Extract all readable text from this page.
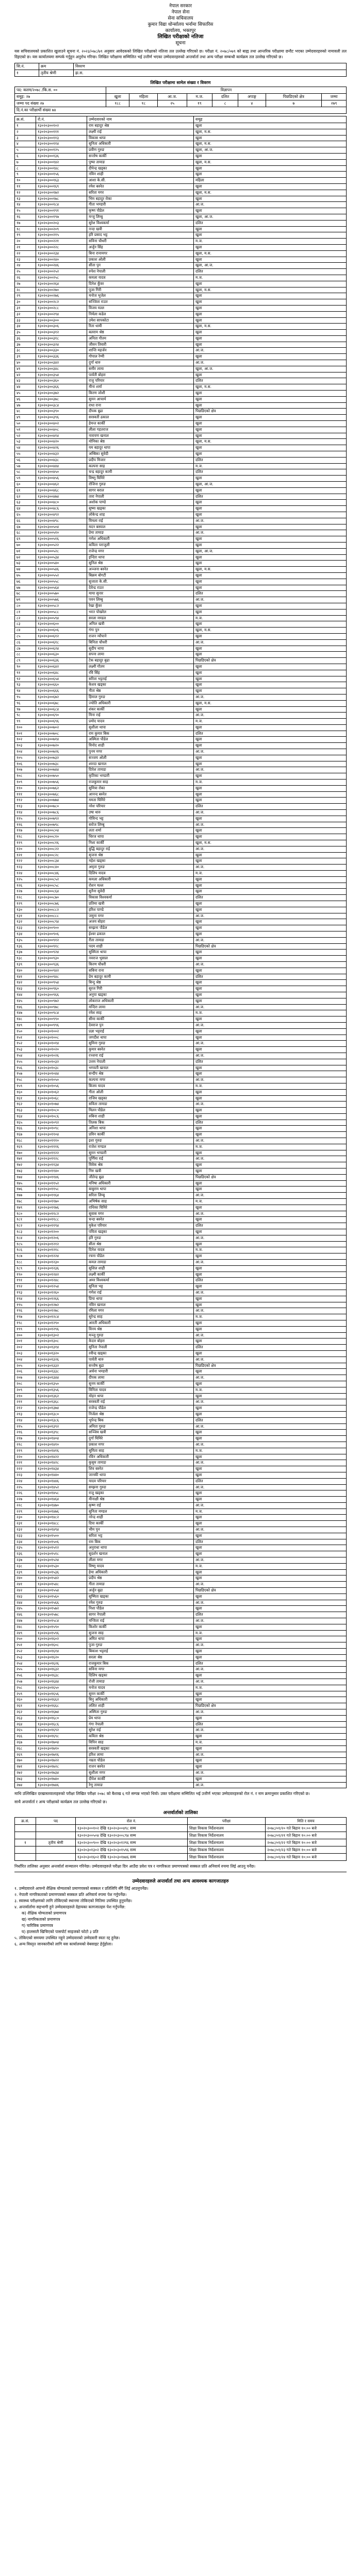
नेपाल सरकार
नेपाल सेना
सेना सचिवालय
कुमार विद्या धोर्न्सालय भर्नामा सिफारिस
कार्यालय, भक्तपुर
लिखित परीक्षाको नतिजा
सूचना
यस सचिवालयको प्रकाशित खुलाउने सूचना नं. २०२३/०७८/७९ अनुसार आवेदकको लिखित परीक्षाको नतिजा तल उल्लेख गरिएको छ। परीक्षा नं. २०७८/०७९ को बाह्य तथा आन्तरिक परीक्षामा छनौट भएका उम्मेदवारहरुको नामावली तल दिइएको छ। यस कार्यालयमा सम्पर्क गर्नुहुन अनुरोध गरिन्छ। लिखित परीक्षामा सम्मिलित भई उत्तीर्ण भएका उम्मेदवारहरुको अन्तर्वार्ता तथा अन्य परीक्षा सम्बन्धी कार्यक्रम तल उल्लेख गरिएको छ।
सि.नं.	क्रम	विवरण
१	तृतीय श्रेणी	ह्रा.स.
लिखित परीक्षामा सामेल संख्या र विवरण
पद: कलम/२०७८ /कि.स. ००	विज्ञापन							
समूह: २७	खुला	महिला	आ.ज.	म.ज.	दलित	अपाङ्ग	पिछडिएको क्षेत्र	जम्मा
जम्मा पद संख्या २७	१८८	१८	२५	१९	८	४	७	२७९
दि.नं.का परीक्षार्थी संख्या ७४								
क्र.सं.	रो.नं.	उम्मेदवारको नाम	समूह
१	१३०२०३००१०२	राम बहादुर श्रेष्ठ	खुला
२	१३०२०३००१११	लक्ष्मी राई	खुला, म.स.
३	१३०२०३००११३	विकास थापा	खुला
४	१३०२०३००११४	सुनिता अधिकारी	खुला, म.स.
५	१३०२०३००१२५	प्रवीण गुरुङ	खुला, आ.ज.
६	१३०२०३००१३६	सन्तोष कार्की	खुला
७	१३०२०३००१४२	पुष्पा तामाङ	खुला, म.स.
८	१३०२०३००१४८	दीपेन्द्र खड्का	खुला
९	१३०२०३००१५६	नविन शाही	खुला
१०	१३०२०३००१६३	आशा के.सी.	महिला
११	१३०२०३००१६९	रमेश बस्नेत	खुला
१२	१३०२०३००१७२	सरिता मगर	खुला, म.स.
१३	१३०२०३००१७८	भिम बहादुर रोका	खुला
१४	१३०२०३००१८४	गीता भण्डारी	आ.ज.
१५	१३०२०३००१९१	कृष्ण पौडेल	खुला
१६	१३०२०३००१९७	मन्जु लिम्बु	खुला, आ.ज.
१७	१३०२०३००२०३	सुरेश विश्वकर्मा	दलित
१८	१३०२०३००२०९	नन्दा खत्री	खुला
१९	१३०२०३००२१५	हरि प्रसाद भट्ट	खुला
२०	१३०२०३००२२१	सविना चौधरी	म.ज.
२१	१३०२०३००२२८	अर्जुन सिंह	खुला
२२	१३०२०३००२३४	बिना रानामगर	खुला, म.स.
२३	१३०२०३००२४०	प्रकाश ओली	खुला
२४	१३०२०३००२४६	सीता पुन	खुला, आ.ज.
२५	१३०२०३००२५२	रुपेश नेपाली	दलित
२६	१३०२०३००२५८	कमला यादव	म.ज.
२७	१३०२०३००२६४	दिनेश कुँवर	खुला
२८	१३०२०३००२७०	पूजा गिरी	खुला, म.स.
२९	१३०२०३००२७६	मनोज भुजेल	खुला
३०	१३०२०३००२८२	सञ्जिता राउत	खुला
३१	१३०२०३००२८८	विजय मल्ल	खुला
३२	१३०२०३००२९४	निर्मला कडेल	खुला
३३	१३०२०३००३००	उमेश सापकोटा	खुला
३४	१३०२०३००३०६	रिता धामी	खुला, म.स.
३५	१३०२०३००३१२	बलराम श्रेष्ठ	खुला
३६	१३०२०३००३१८	अनिता गौतम	खुला
३७	१३०२०३००३२४	जीवन तिवारी	खुला
३८	१३०२०३००३३०	शान्ति महर्जन	आ.ज.
३९	१३०२०३००३३६	गोपाल रेग्मी	खुला
४०	१३०२०३००३४२	दुर्गा थारु	आ.ज.
४१	१३०२०३००३४८	समीर लामा	खुला, आ.ज.
४२	१३०२०३००३५४	पार्वती बोहरा	खुला
४३	१३०२०३००३६०	राजु परियार	दलित
४४	१३०२०३००३६६	मीना शर्मा	खुला, म.स.
४५	१३०२०३००३७२	किरण जोशी	खुला
४६	१३०२०३००३७८	सुमन आचार्य	खुला
४७	१३०२०३००३८४	राधा राना	खुला
४८	१३०२०३००३९०	दीपक बुढा	पिछडिएको क्षेत्र
४९	१३०२०३००३९६	सरस्वती ढकाल	खुला
५०	१३०२०३००४०२	हेमन्त कार्की	खुला
५१	१३०२०३००४०८	लीला गहतराज	खुला
५२	१३०२०३००४१४	नारायण खनाल	खुला
५३	१३०२०३००४२०	मोनिका श्रेष्ठ	खुला, म.स.
५४	१३०२०३००४२६	यम बहादुर थापा	खुला
५५	१३०२०३००४३२	अम्बिका सुवेदी	खुला
५६	१३०२०३००४३८	प्रदीप मिजार	दलित
५७	१३०२०३००४४४	कल्पना साह	म.ज.
५८	१३०२०३००४५०	चन्द्र बहादुर कामी	दलित
५९	१३०२०३००४५६	विष्णु घिमिरे	खुला
६०	१३०२०३००४६२	रोजिना गुरुङ	खुला, आ.ज.
६१	१३०२०३००४६८	सागर बराल	खुला
६२	१३०२०३००४७४	तारा नेपाली	दलित
६३	१३०२०३००४८०	अशोक पाण्डे	खुला
६४	१३०२०३००४८६	सुष्मा खड्का	खुला
६५	१३०२०३००४९२	लोकेन्द्र शाह	खुला
६६	१३०२०३००४९८	विमला राई	आ.ज.
६७	१३०२०३००५०४	मदन बस्याल	खुला
६८	१३०२०३००५१०	प्रेमा तामाङ	आ.ज.
६९	१३०२०३००५१६	गणेश अधिकारी	खुला
७०	१३०२०३००५२२	कविता पराजुली	खुला
७१	१३०२०३००५२८	राजेन्द्र मगर	खुला, आ.ज.
७२	१३०२०३००५३४	इन्दिरा थापा	खुला
७३	१३०२०३००५४०	सुनिल श्रेष्ठ	खुला
७४	१३०२०३००५४६	अञ्जना बस्नेत	खुला, म.स.
७५	१३०२०३००५५२	बिक्रम बोगटी	खुला
७६	१३०२०३००५५८	सुजाता के.सी.	खुला
७७	१३०२०३००५६४	देवेन्द्र राउत	खुला
७८	१३०२०३००५७०	माया सुनार	दलित
७९	१३०२०३००५७६	पवन लिम्बु	आ.ज.
८०	१३०२०३००५८२	रेखा कुँवर	खुला
८१	१३०२०३००५८८	भरत पोखरेल	खुला
८२	१३०२०३००५९४	सरला मण्डल	म.ज.
८३	१३०२०३००६००	अनिल खत्री	खुला
८४	१३०२०३००६०६	गंगा पुन	खुला, म.स.
८५	१३०२०३००६१२	राजन न्यौपाने	खुला
८६	१३०२०३००६१८	बिनिता चौधरी	आ.ज.
८७	१३०२०३००६२४	सुदीप थापा	खुला
८८	१३०२०३००६३०	सपना लामा	खुला
८९	१३०२०३००६३६	टेक बहादुर बुढा	पिछडिएको क्षेत्र
९०	१३०२०३००६४२	लक्ष्मी गौतम	खुला
९१	१३०२०३००६४८	रवि सिंह	खुला
९२	१३०२०३००६५४	सरिता भट्टराई	खुला
९३	१३०२०३००६६०	केशव खड्का	खुला
९४	१३०२०३००६६६	नीता श्रेष्ठ	खुला
९५	१३०२०३००६७२	हिमाल गुरुङ	आ.ज.
९६	१३०२०३००६७८	ज्योति अधिकारी	खुला, म.स.
९७	१३०२०३००६८४	शंकर कार्की	खुला
९८	१३०२०३००६९०	मिना राई	आ.ज.
९९	१३०२०३००६९६	प्रमोद यादव	म.ज.
१००	१३०२०३००७०२	सुशीला थापा	खुला
१०१	१३०२०३००७०८	राम कुमार बिक	दलित
१०२	१३०२०३००७१४	अस्मिता पौडेल	खुला
१०३	१३०२०३००७२०	विनोद शाही	खुला
१०४	१३०२०३००७२६	पुनम मगर	आ.ज.
१०५	१३०२०३००७३२	सञ्जय ओली	खुला
१०६	१३०२०३००७३८	शारदा खनाल	खुला
१०७	१३०२०३००७४४	दिपेश तामाङ	आ.ज.
१०८	१३०२०३००७५०	कृतिका भण्डारी	खुला
१०९	१३०२०३००७५६	राजकुमार साह	म.ज.
११०	१३०२०३००७६२	सुमित्रा रोका	खुला
१११	१३०२०३००७६८	आनन्द बस्नेत	खुला
११२	१३०२०३००७७४	ममता घिमिरे	खुला
११३	१३०२०३००७८०	नरेश परियार	दलित
११४	१३०२०३००७८६	उषा थारु	आ.ज.
११५	१३०२०३००७९२	गोविन्द भट्ट	खुला
११६	१३०२०३००७९८	सरोज लिम्बु	आ.ज.
११७	१३०२०३००८०४	लता शर्मा	खुला
११८	१३०२०३००८१०	धिरज थापा	खुला
११९	१३०२०३००८१६	निशा कार्की	खुला, म.स.
१२०	१३०२०३००८२२	बुद्धि बहादुर राई	आ.ज.
१२१	१३०२०३००८२८	सृजना श्रेष्ठ	खुला
१२२	१३०२०३००८३४	महेश खड्का	खुला
१२३	१३०२०३००८४०	अमृता गुरुङ	आ.ज.
१२४	१३०२०३००८४६	दिलिप यादव	म.ज.
१२५	१३०२०३००८५२	कमला अधिकारी	खुला
१२६	१३०२०३००८५८	रोशन मल्ल	खुला
१२७	१३०२०३००८६४	सुनैना सुवेदी	खुला
१२८	१३०२०३००८७०	विकास विश्वकर्मा	दलित
१२९	१३०२०३००८७६	प्रतिमा खत्री	खुला
१३०	१३०२०३००८८२	हरिश पाण्डे	खुला
१३१	१३०२०३००८८८	जमुना मगर	आ.ज.
१३२	१३०२०३००८९४	अजय बोहरा	खुला
१३३	१३०२०३००९००	सम्झना पौडेल	खुला
१३४	१३०२०३००९०६	ईश्वर ढकाल	खुला
१३५	१३०२०३००९१२	रीता तामाङ	आ.ज.
१३६	१३०२०३००९१८	पदम शाही	पिछडिएको क्षेत्र
१३७	१३०२०३००९२४	सुस्मिता थापा	खुला
१३८	१३०२०३००९३०	नवराज भुसाल	खुला
१३९	१३०२०३००९३६	किरण चौधरी	आ.ज.
१४०	१३०२०३००९४२	सबिना राना	खुला
१४१	१३०२०३००९४८	प्रेम बहादुर कामी	दलित
१४२	१३०२०३००९५४	बिन्दु श्रेष्ठ	खुला
१४३	१३०२०३००९६०	सुरज गिरी	खुला
१४४	१३०२०३००९६६	अनुपा खड्का	खुला
१४५	१३०२०३००९७२	लोकराज अधिकारी	खुला
१४६	१३०२०३००९७८	मन्दिरा लामा	आ.ज.
१४७	१३०२०३००९८४	रमेश साह	म.ज.
१४८	१३०२०३००९९०	सीमा कार्की	खुला
१४९	१३०२०३००९९६	देवराज पुन	आ.ज.
१५०	१३०२०३०१००२	प्रज्ञा भट्टराई	खुला
१५१	१३०२०३०१००८	जगदीश थापा	खुला
१५२	१३०२०३०१०१४	सुमिना गुरुङ	आ.ज.
१५३	१३०२०३०१०२०	कुमार बस्नेत	खुला
१५४	१३०२०३०१०२६	रञ्जना राई	आ.ज.
१५५	१३०२०३०१०३२	उत्तम नेपाली	दलित
१५६	१३०२०३०१०३८	भगवती खनाल	खुला
१५७	१३०२०३०१०४४	सन्दीप श्रेष्ठ	खुला
१५८	१३०२०३०१०५०	कल्पना मगर	आ.ज.
१५९	१३०२०३०१०५६	बिजय यादव	म.ज.
१६०	१३०२०३०१०६२	गीता ओली	खुला
१६१	१३०२०३०१०६८	राजिव खड्का	खुला
१६२	१३०२०३०१०७४	सविता तामाङ	आ.ज.
१६३	१३०२०३०१०८०	मिलन पौडेल	खुला
१६४	१३०२०३०१०८६	रुबिना शाही	खुला
१६५	१३०२०३०१०९२	तिलक बिक	दलित
१६६	१३०२०३०१०९८	अनिशा थापा	खुला
१६७	१३०२०३०११०४	प्रविन कार्की	खुला
१६८	१३०२०३०१११०	इशा गुरुङ	आ.ज.
१६९	१३०२०३०१११६	राजेश मण्डल	म.ज.
१७०	१३०२०३०११२२	सुमन भण्डारी	खुला
१७१	१३०२०३०११२८	पूर्णिमा राई	आ.ज.
१७२	१३०२०३०११३४	विवेक श्रेष्ठ	खुला
१७३	१३०२०३०११४०	निरु खत्री	खुला
१७४	१३०२०३०११४६	जीतेन्द्र बुढा	पिछडिएको क्षेत्र
१७५	१३०२०३०११५२	मनिषा अधिकारी	खुला
१७६	१३०२०३०११५८	बाबुराम थापा	खुला
१७७	१३०२०३०११६४	सरिता लिम्बु	आ.ज.
१७८	१३०२०३०११७०	अभिषेक साह	म.ज.
१७९	१३०२०३०११७६	राधिका घिमिरे	खुला
१८०	१३०२०३०११८२	सुवास मगर	आ.ज.
१८१	१३०२०३०११८८	चन्दा बस्नेत	खुला
१८२	१३०२०३०११९४	मुकेश परियार	दलित
१८३	१३०२०३०१२००	पविता खड्का	खुला
१८४	१३०२०३०१२०६	हरि गुरुङ	आ.ज.
१८५	१३०२०३०१२१२	सीता श्रेष्ठ	खुला
१८६	१३०२०३०१२१८	दिनेश यादव	म.ज.
१८७	१३०२०३०१२२४	रचना पौडेल	खुला
१८८	१३०२०३०१२३०	कमल तामाङ	आ.ज.
१८९	१३०२०३०१२३६	सुशिल शाही	खुला
१९०	१३०२०३०१२४२	लक्ष्मी कार्की	खुला
१९१	१३०२०३०१२४८	अमर विश्वकर्मा	दलित
१९२	१३०२०३०१२५४	सुनिता भट्ट	खुला
१९३	१३०२०३०१२६०	गणेश राई	आ.ज.
१९४	१३०२०३०१२६६	प्रिया थापा	खुला
१९५	१३०२०३०१२७२	नविन खनाल	खुला
१९६	१३०२०३०१२७८	रमिला मगर	आ.ज.
१९७	१३०२०३०१२८४	सुरेन्द्र साह	म.ज.
१९८	१३०२०३०१२९०	आरती अधिकारी	खुला
१९९	१३०२०३०१२९६	विनय श्रेष्ठ	खुला
२००	१३०२०३०१३०२	मञ्जु गुरुङ	आ.ज.
२०१	१३०२०३०१३०८	केदार बोहरा	खुला
२०२	१३०२०३०१३१४	सुनिता नेपाली	दलित
२०३	१३०२०३०१३२०	रवीन्द्र खड्का	खुला
२०४	१३०२०३०१३२६	पार्वती थारु	आ.ज.
२०५	१३०२०३०१३३२	सन्तोष बुढा	पिछडिएको क्षेत्र
२०६	१३०२०३०१३३८	अर्चना भण्डारी	खुला
२०७	१३०२०३०१३४४	दीपक लामा	आ.ज.
२०८	१३०२०३०१३५०	सुनम कार्की	खुला
२०९	१३०२०३०१३५६	विनिता यादव	म.ज.
२१०	१३०२०३०१३६२	मोहन थापा	खुला
२११	१३०२०३०१३६८	सरस्वती राई	आ.ज.
२१२	१३०२०३०१३७४	राजेन्द्र पौडेल	खुला
२१३	१३०२०३०१३८०	निर्जला श्रेष्ठ	खुला
२१४	१३०२०३०१३८६	भुपेन्द्र बिक	दलित
२१५	१३०२०३०१३९२	अनिता गुरुङ	आ.ज.
२१६	१३०२०३०१३९८	सञ्जिव खत्री	खुला
२१७	१३०२०३०१४०४	दुर्गा घिमिरे	खुला
२१८	१३०२०३०१४१०	प्रकाश मगर	आ.ज.
२१९	१३०२०३०१४१६	सुमिता साह	म.ज.
२२०	१३०२०३०१४२२	रविन अधिकारी	खुला
२२१	१३०२०३०१४२८	कुसुम तामाङ	आ.ज.
२२२	१३०२०३०१४३४	शिव बस्नेत	खुला
२२३	१३०२०३०१४४०	जानकी थापा	खुला
२२४	१३०२०३०१४४६	यादव परियार	दलित
२२५	१३०२०३०१४५२	सम्झना गुरुङ	आ.ज.
२२६	१३०२०३०१४५८	राजु खड्का	खुला
२२७	१३०२०३०१४६४	मीनाक्षी श्रेष्ठ	खुला
२२८	१३०२०३०१४७०	कृष्ण राई	आ.ज.
२२९	१३०२०३०१४७६	सुनिता मण्डल	म.ज.
२३०	१३०२०३०१४८२	नरेन्द्र शाही	खुला
२३१	१३०२०३०१४८८	दिपा कार्की	खुला
२३२	१३०२०३०१४९४	भीम पुन	आ.ज.
२३३	१३०२०३०१५००	सरिता भट्ट	खुला
२३४	१३०२०३०१५०६	राम बिक	दलित
२३५	१३०२०३०१५१२	अनुराधा थापा	खुला
२३६	१३०२०३०१५१८	सुदर्शन खनाल	खुला
२३७	१३०२०३०१५२४	लीला मगर	आ.ज.
२३८	१३०२०३०१५३०	विष्णु यादव	म.ज.
२३९	१३०२०३०१५३६	हेमा अधिकारी	खुला
२४०	१३०२०३०१५४२	प्रदीप श्रेष्ठ	खुला
२४१	१३०२०३०१५४८	गीता तामाङ	आ.ज.
२४२	१३०२०३०१५५४	अर्जुन बुढा	पिछडिएको क्षेत्र
२४३	१३०२०३०१५६०	सुष्मिता खड्का	खुला
२४४	१३०२०३०१५६६	रमेश गुरुङ	आ.ज.
२४५	१३०२०३०१५७२	निशा पौडेल	खुला
२४६	१३०२०३०१५७८	सागर नेपाली	दलित
२४७	१३०२०३०१५८४	मन्जिता राई	आ.ज.
२४८	१३०२०३०१५९०	किशोर कार्की	खुला
२४९	१३०२०३०१५९६	सुजना साह	म.ज.
२५०	१३०२०३०१६०२	अमित थापा	खुला
२५१	१३०२०३०१६०८	पुजा गुरुङ	आ.ज.
२५२	१३०२०३०१६१४	बिकाश भट्टराई	खुला
२५३	१३०२०३०१६२०	सरला श्रेष्ठ	खुला
२५४	१३०२०३०१६२६	राजकुमार बिक	दलित
२५५	१३०२०३०१६३२	सविना मगर	आ.ज.
२५६	१३०२०३०१६३८	दिलिप खड्का	खुला
२५७	१३०२०३०१६४४	रोजी तामाङ	आ.ज.
२५८	१३०२०३०१६५०	मनोज यादव	म.ज.
२५९	१३०२०३०१६५६	सुमन कार्की	खुला
२६०	१३०२०३०१६६२	बिनु अधिकारी	खुला
२६१	१३०२०३०१६६८	ललित शाही	पिछडिएको क्षेत्र
२६२	१३०२०३०१६७४	अस्मिता गुरुङ	आ.ज.
२६३	१३०२०३०१६८०	प्रेम थापा	खुला
२६४	१३०२०३०१६८६	गंगा नेपाली	दलित
२६५	१३०२०३०१६९२	सुरेश राई	आ.ज.
२६६	१३०२०३०१६९८	कविता श्रेष्ठ	खुला
२६७	१३०२०३०१७०४	विपिन साह	म.ज.
२६८	१३०२०३०१७१०	सरस्वती खड्का	खुला
२६९	१३०२०३०१७१६	हरिश लामा	आ.ज.
२७०	१३०२०३०१७२२	नम्रता पौडेल	खुला
२७१	१३०२०३०१७२८	राजन बस्नेत	खुला
२७२	१३०२०३०१७३४	सुशीला मगर	आ.ज.
२७३	१३०२०३०१७४०	दीपेश कार्की	खुला
२७४	१३०२०३०१७४६	रेणु तामाङ	आ.ज.
माथि उल्लिखित दरखास्तवालाहरुको परीक्षा लिखित परीक्षा २०७८ को बैशाख ६ गते सम्पन्न भएको थियो। उक्त परीक्षामा सम्मिलित भई उत्तीर्ण भएका उम्मेदवारहरुको रोल नं. र नाम क्रमानुसार प्रकाशित गरिएको छ।
साथै अन्तर्वार्ता र अन्य परीक्षाको कार्यक्रम तल उल्लेख गरिएको छ।
अन्तर्वार्ताको तालिका
क्र.सं.	पद	रोल नं.	परीक्षा	मिति र समय
		१३०२०३००१०२ देखि १३०२०३००४९८ सम्म	शिक्षा विकास निर्देशनालय	२०७८/०१/२० गते बिहान १०:०० बजे
		१३०२०३००५०४ देखि १३०२०३००८९४ सम्म	शिक्षा विकास निर्देशनालय	२०७८/०१/२१ गते बिहान १०:०० बजे
१	तृतीय श्रेणी	१३०२०३००९०० देखि १३०२०३०१२९६ सम्म	शिक्षा विकास निर्देशनालय	२०७८/०१/२२ गते बिहान १०:०० बजे
		१३०२०३०१३०२ देखि १३०२०३०१५९६ सम्म	शिक्षा विकास निर्देशनालय	२०७८/०१/२३ गते बिहान १०:०० बजे
		१३०२०३०१६०२ देखि १३०२०३०१७४६ सम्म	शिक्षा विकास निर्देशनालय	२०७८/०१/२४ गते बिहान १०:०० बजे
निर्धारित तालिका अनुसार अन्तर्वार्ता सञ्चालन गरिनेछ। उम्मेदवारहरुले परीक्षा दिन आउँदा प्रवेश पत्र र नागरिकता प्रमाणपत्रको सक्कल प्रति अनिवार्य रुपमा लिई आउनु पर्नेछ।
उम्मेदवारहरुले अन्तर्वार्ता तथा अन्य आवश्यक कागजातहरु

१. उम्मेदवारले आफ्नो शैक्षिक योग्यताको प्रमाणपत्रको सक्कल र प्रतिलिपि सँगै लिई आउनुपर्नेछ।

२. नेपाली नागरिकताको प्रमाणपत्रको सक्कल प्रति अनिवार्य रुपमा पेश गर्नुपर्नेछ।

३. स्वास्थ्य परीक्षणको लागि तोकिएको स्थानमा तोकिएको मितिमा उपस्थित हुनुपर्नेछ।

४. अन्तर्वार्तामा सहभागी हुने उम्मेदवारहरुले देहायका कागजातहरु पेश गर्नुपर्नेछ:

क) शैक्षिक योग्यताको प्रमाणपत्र

ख) नागरिकताको प्रमाणपत्र

ग) चारित्रिक प्रमाणपत्र

घ) हालसालै खिचिएको पासपोर्ट साइजको फोटो ३ प्रति

५. तोकिएको समयमा उपस्थित नहुने उम्मेदवारको उम्मेदवारी स्वतः रद्द हुनेछ।

६. अन्य विस्तृत जानकारीको लागि यस कार्यालयको वेबसाइट हेर्नुहोला।
